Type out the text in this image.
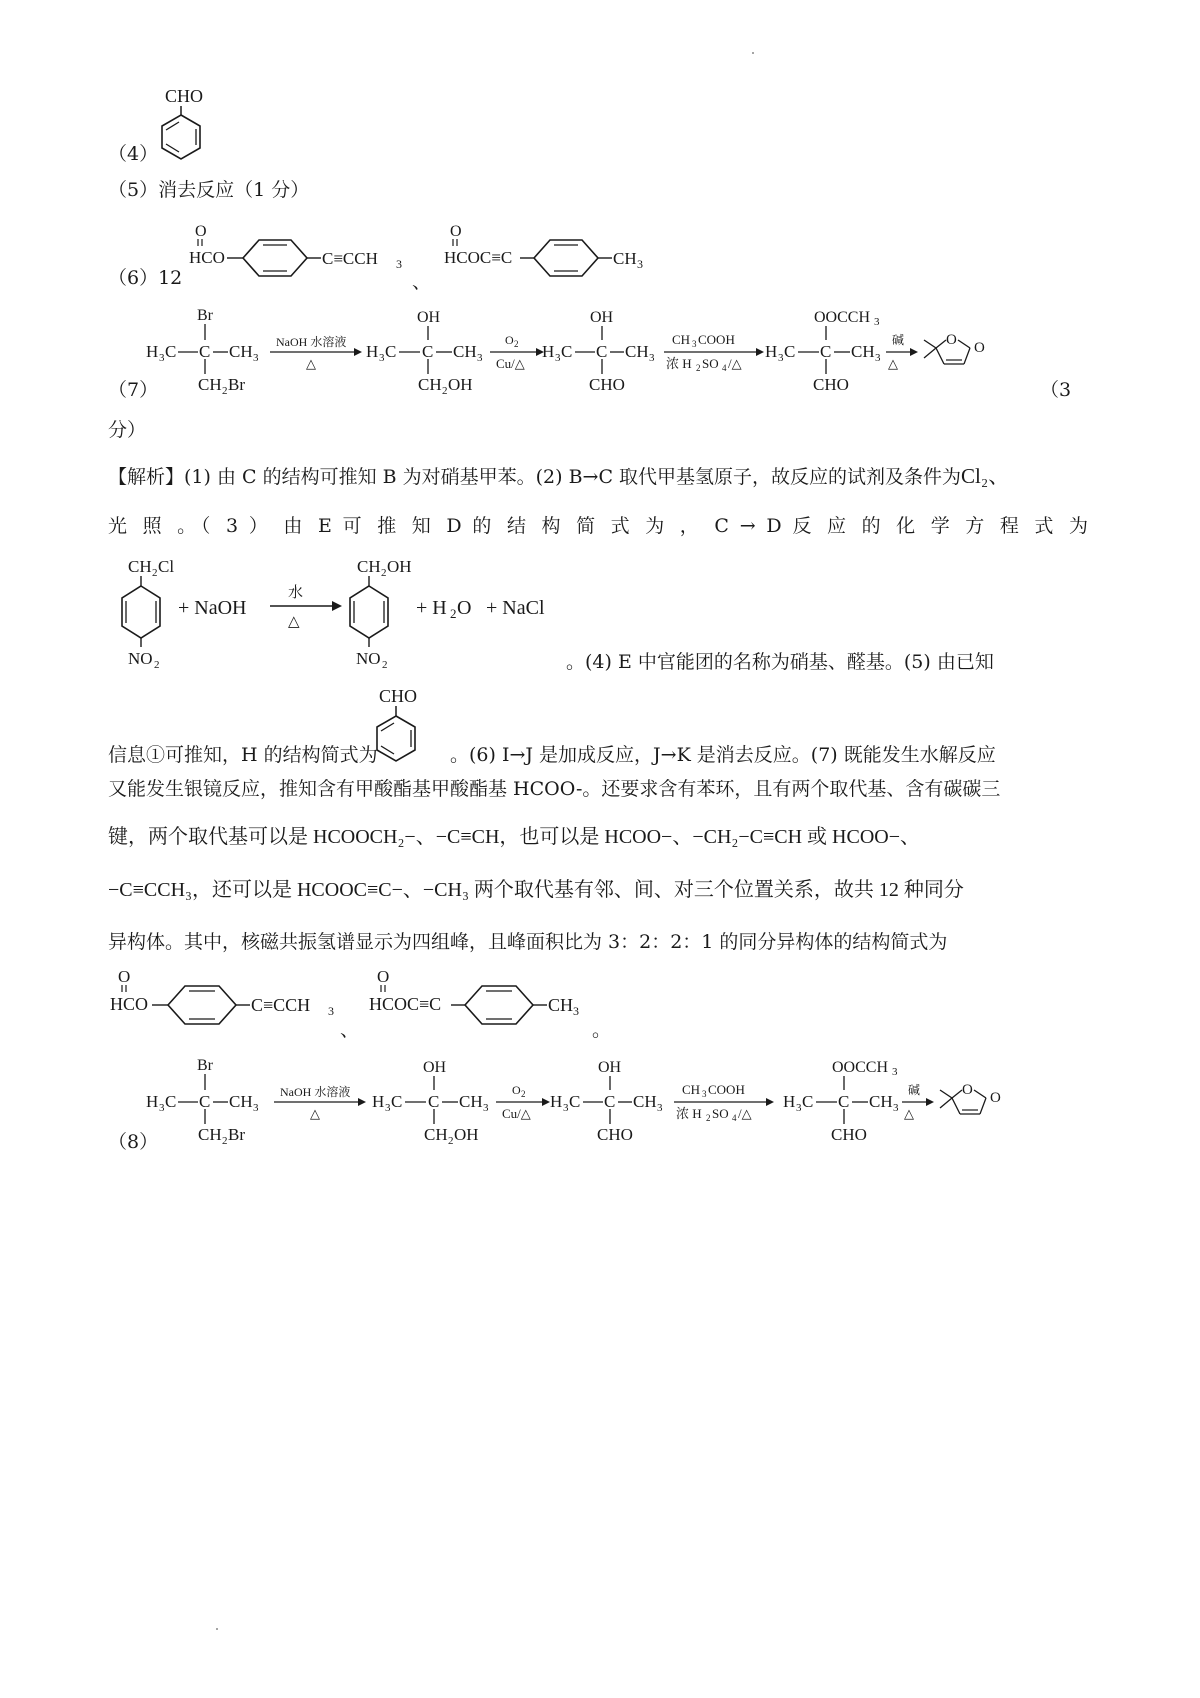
（4）
CHO
（5）消去反应（1 分）
（6）12
O
HCO	C≡CCH 3
、
O
HCOC≡C	CH 3
（7）
Br
H 3 C C CH 3
CH 2 Br
NaOH 水溶液
△
OH
H 3 C C CH 3
CH 2 OH
O 2
Cu/△
OH
H 3 C C CH 3
CHO
CH 3 COOH
浓 H 2 SO 4 /△
OOCCH 3
H 3 C C CH 3
CHO
碱
△
O O
（3
分）
【解析】(1) 由 C 的结构可推知 B 为对硝基甲苯。(2) B→C 取代甲基氢原子，故反应的试剂及条件为Cl₂、
光 照 。（ 3 ） 由 E 可 推 知 D 的 结 构 简 式 为 ， C → D 反 应 的 化 学 方 程 式 为
CH 2 Cl
NO 2
+ NaOH
水
△
CH 2 OH
NO 2
+ H 2 O + NaCl
。(4) E 中官能团的名称为硝基、醛基。(5) 由已知
信息①可推知，H 的结构简式为
CHO
。(6) I→J 是加成反应，J→K 是消去反应。(7) 既能发生水解反应
又能发生银镜反应，推知含有甲酸酯基甲酸酯基 HCOO-。还要求含有苯环，且有两个取代基、含有碳碳三
键，两个取代基可以是 HCOOCH₂−、−C≡CH，也可以是 HCOO−、−CH₂−C≡CH 或 HCOO−、
−C≡CCH₃，还可以是 HCOOC≡C−、−CH₃ 两个取代基有邻、间、对三个位置关系，故共 12 种同分
异构体。其中，核磁共振氢谱显示为四组峰，且峰面积比为 3：2：2：1 的同分异构体的结构简式为
O
HCO	C≡CCH 3
、
O
HCOC≡C	CH 3
。
（8）
Br
H 3 C C CH 3
CH 2 Br
NaOH 水溶液
△
OH
H 3 C C CH 3
CH 2 OH
O 2
Cu/△
OH
H 3 C C CH 3
CHO
CH 3 COOH
浓 H 2 SO 4 /△
OOCCH 3
H 3 C C CH 3
CHO
碱
△
O O
